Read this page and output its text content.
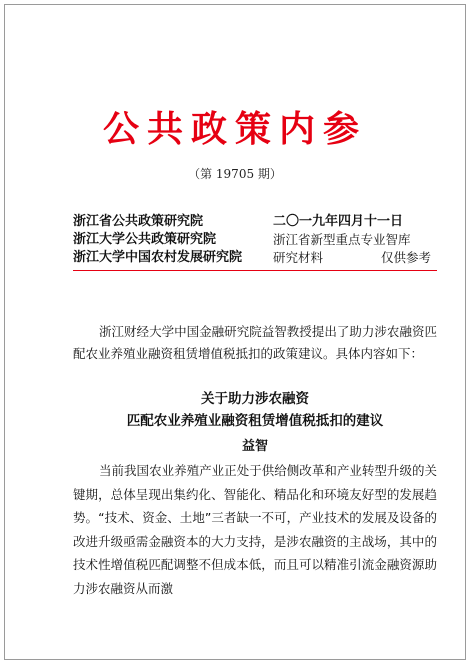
公共政策内参
（第 19705 期）
浙江省公共政策研究院
浙江大学公共政策研究院
浙江大学中国农村发展研究院
二〇一九年四月十一日
浙江省新型重点专业智库
研究材料	仅供参考
浙江财经大学中国金融研究院益智教授提出了助力涉农融资匹配农业养殖业融资租赁增值税抵扣的政策建议。具体内容如下：
关于助力涉农融资
匹配农业养殖业融资租赁增值税抵扣的建议
益智
当前我国农业养殖产业正处于供给侧改革和产业转型升级的关键期，总体呈现出集约化、智能化、精品化和环境友好型的发展趋势。“技术、资金、土地”三者缺一不可，产业技术的发展及设备的改进升级亟需金融资本的大力支持，是涉农融资的主战场，其中的技术性增值税匹配调整不但成本低，而且可以精准引流金融资源助力涉农融资从而激
